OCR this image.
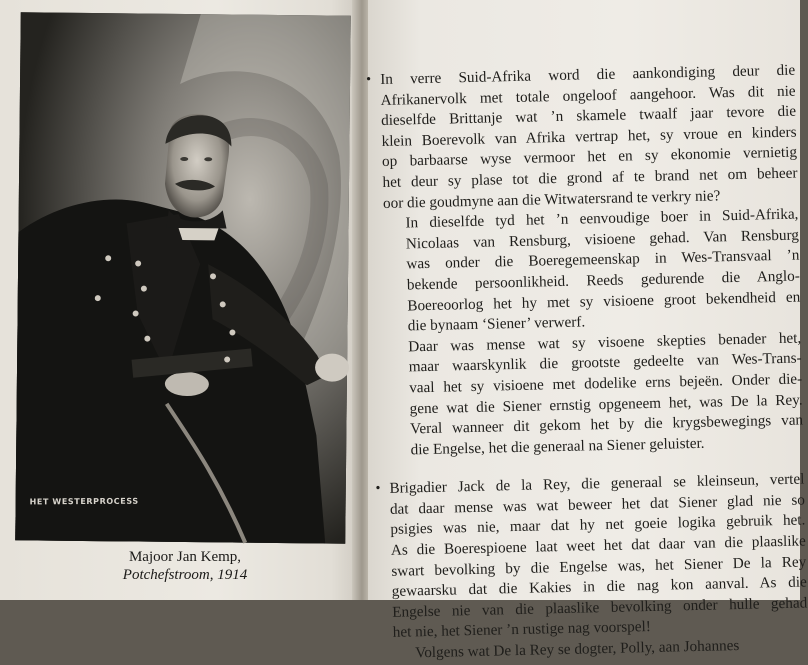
HET WESTERPROCESS
Majoor Jan Kemp,
Potchefstroom, 1914

• In verre Suid-Afrika word die aankondiging deur die
Afrikanervolk met totale ongeloof aangehoor. Was dit nie
dieselfde Brittanje wat ’n skamele twaalf jaar tevore die
klein Boerevolk van Afrika vertrap het, sy vroue en kinders
op barbaarse wyse vermoor het en sy ekonomie vernietig
het deur sy plase tot die grond af te brand net om beheer
oor die goudmyne aan die Witwatersrand te verkry nie?

In dieselfde tyd het ’n eenvoudige boer in Suid-Afrika,
Nicolaas van Rensburg, visioene gehad. Van Rensburg
was onder die Boeregemeenskap in Wes-Transvaal ’n
bekende persoonlikheid. Reeds gedurende die Anglo-
Boereoorlog het hy met sy visioene groot bekendheid en
die bynaam ‘Siener’ verwerf.

Daar was mense wat sy visoene skepties benader het,
maar waarskynlik die grootste gedeelte van Wes-Trans-
vaal het sy visioene met dodelike erns bejeën. Onder die-
gene wat die Siener ernstig opgeneem het, was De la Rey.
Veral wanneer dit gekom het by die krygsbewegings van
die Engelse, het die generaal na Siener geluister.

• Brigadier Jack de la Rey, die generaal se kleinseun, vertel
dat daar mense was wat beweer het dat Siener glad nie so
psigies was nie, maar dat hy net goeie logika gebruik het.
As die Boerespioene laat weet het dat daar van die plaaslike
swart bevolking by die Engelse was, het Siener De la Rey
gewaarsku dat die Kakies in die nag kon aanval. As die
Engelse nie van die plaaslike bevolking onder hulle gehad
het nie, het Siener ’n rustige nag voorspel!

Volgens wat De la Rey se dogter, Polly, aan Johannes
